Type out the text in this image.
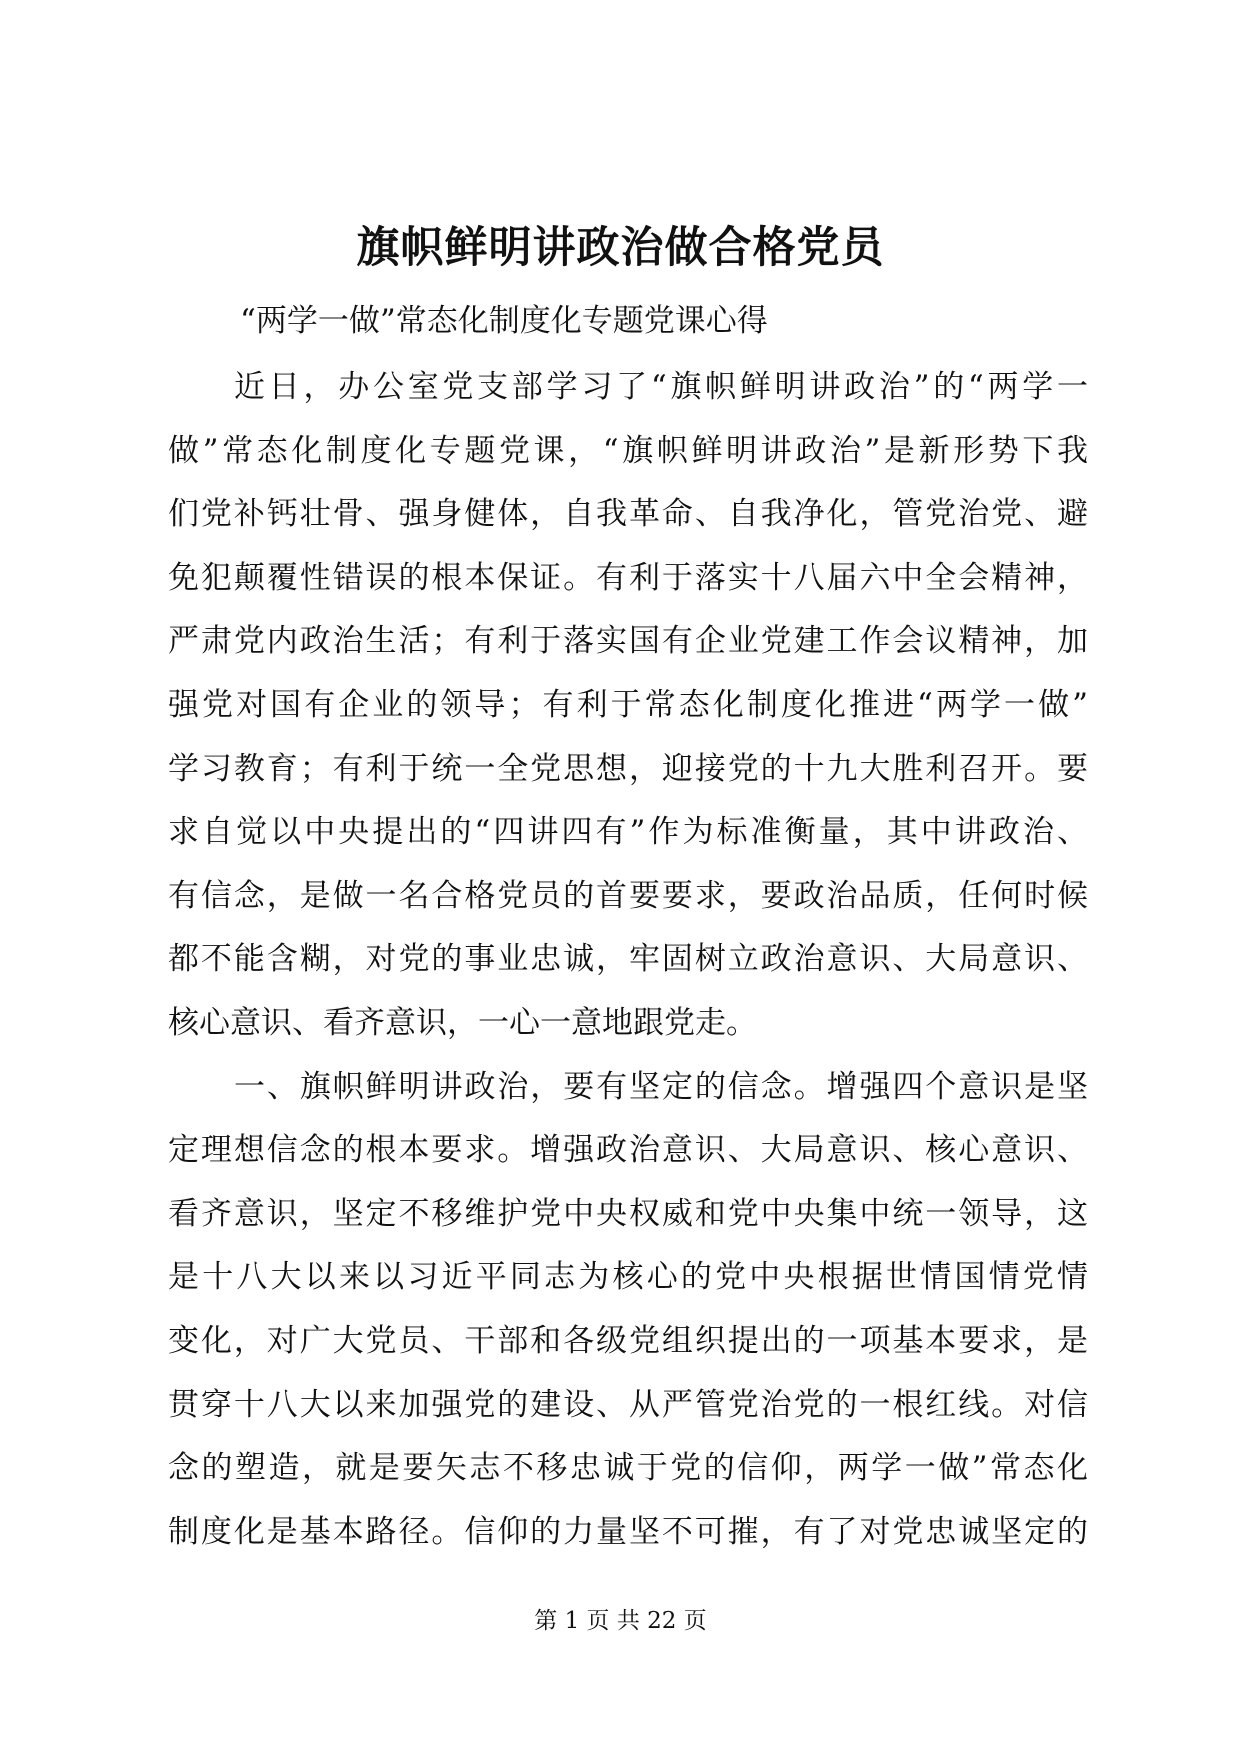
旗帜鲜明讲政治做合格党员
“两学一做”常态化制度化专题党课心得
近日，办公室党支部学习了“旗帜鲜明讲政治”的“两学一
做”常态化制度化专题党课，“旗帜鲜明讲政治”是新形势下我
们党补钙壮骨、强身健体，自我革命、自我净化，管党治党、避
免犯颠覆性错误的根本保证。有利于落实十八届六中全会精神，
严肃党内政治生活；有利于落实国有企业党建工作会议精神，加
强党对国有企业的领导；有利于常态化制度化推进“两学一做”
学习教育；有利于统一全党思想，迎接党的十九大胜利召开。要
求自觉以中央提出的“四讲四有”作为标准衡量，其中讲政治、
有信念，是做一名合格党员的首要要求，要政治品质，任何时候
都不能含糊，对党的事业忠诚，牢固树立政治意识、大局意识、
核心意识、看齐意识，一心一意地跟党走。
一、旗帜鲜明讲政治，要有坚定的信念。增强四个意识是坚
定理想信念的根本要求。增强政治意识、大局意识、核心意识、
看齐意识，坚定不移维护党中央权威和党中央集中统一领导，这
是十八大以来以习近平同志为核心的党中央根据世情国情党情
变化，对广大党员、干部和各级党组织提出的一项基本要求，是
贯穿十八大以来加强党的建设、从严管党治党的一根红线。对信
念的塑造，就是要矢志不移忠诚于党的信仰，两学一做”常态化
制度化是基本路径。信仰的力量坚不可摧，有了对党忠诚坚定的
第 1 页 共 22 页
